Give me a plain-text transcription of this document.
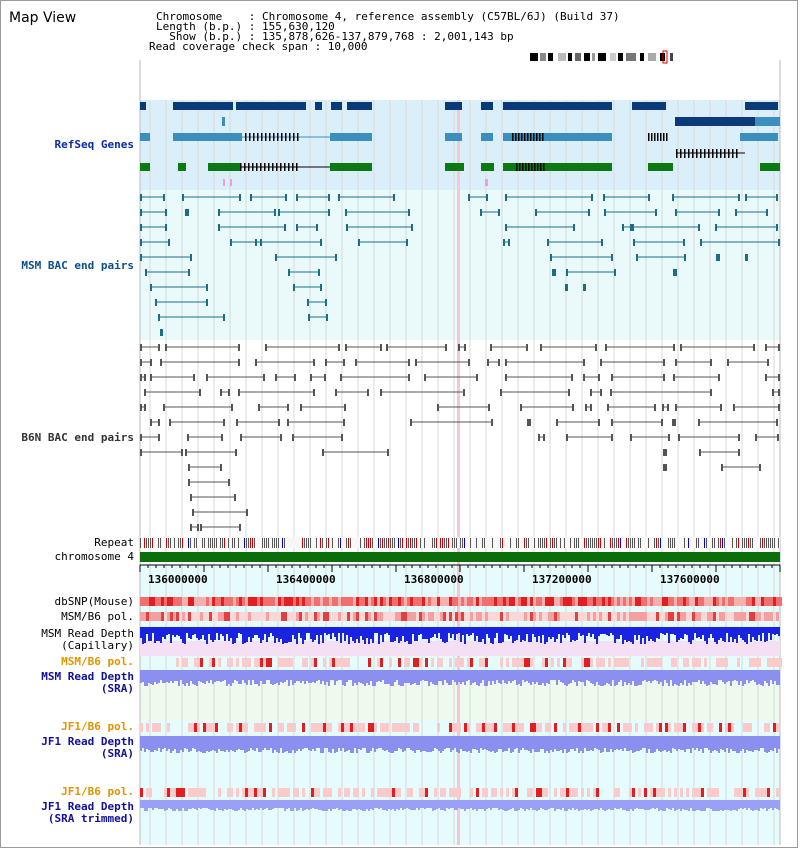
Map View	Chromosome    : Chromosome 4, reference assembly (C57BL/6J) (Build 37)
Length (b.p.) : 155,630,120
Show (b.p.) : 135,878,626-137,879,768 : 2,001,143 bp
Read coverage check span : 10,000
RefSeq Genes
MSM BAC end pairs
B6N BAC end pairs
Repeat
chromosome 4
dbSNP(Mouse)
MSM/B6 pol.
MSM Read Depth
(Capillary)
MSM/B6 pol.
MSM Read Depth
(SRA)
JF1/B6 pol.
JF1 Read Depth
(SRA)
JF1/B6 pol.
JF1 Read Depth
(SRA trimmed)
136000000	136400000	136800000	137200000	137600000
